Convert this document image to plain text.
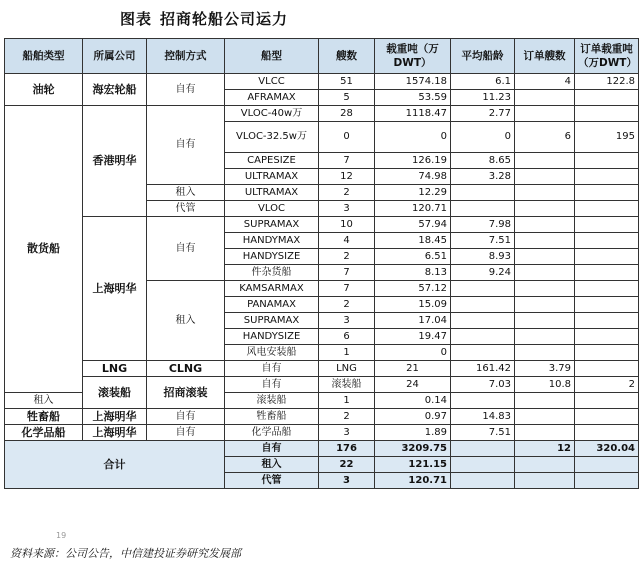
图表 招商轮船公司运力
船舶类型	所属公司	控制方式	船型	艘数	载重吨（万DWT）	平均船龄	订单艘数	订单载重吨（万DWT）	
油轮	海宏轮船	自有	VLCC	51	1574.18	6.1	4	122.8	
			AFRAMAX	5	53.59	11.23			
散货船	香港明华	自有	VLOC-40w万	28	1118.47	2.77			
			VLOC-32.5w万	0	0	0	6	195	
			CAPESIZE	7	126.19	8.65			
			ULTRAMAX	12	74.98	3.28			
		租入	ULTRAMAX	2	12.29				
		代管	VLOC	3	120.71				
	上海明华	自有	SUPRAMAX	10	57.94	7.98			
			HANDYMAX	4	18.45	7.51			
			HANDYSIZE	2	6.51	8.93			
			件杂货船	7	8.13	9.24			
		租入	KAMSARMAX	7	57.12				
			PANAMAX	2	15.09				
			SUPRAMAX	3	17.04				
			HANDYSIZE	6	19.47				
			风电安装船	1	0				
	LNG	CLNG	自有	LNG	21	161.42	3.79		
	滚装船	招商滚装	自有	滚装船	24	7.03	10.8	2	
租入			滚装船	1	0.14				
牲畜船	上海明华	自有	牲畜船	2	0.97	14.83			
化学品船	上海明华	自有	化学品船	3	1.89	7.51			
合计			自有	176	3209.75		12	320.04	
			租入	22	121.15				
			代管	3	120.71				
19
资料来源：公司公告，中信建投证券研究发展部
